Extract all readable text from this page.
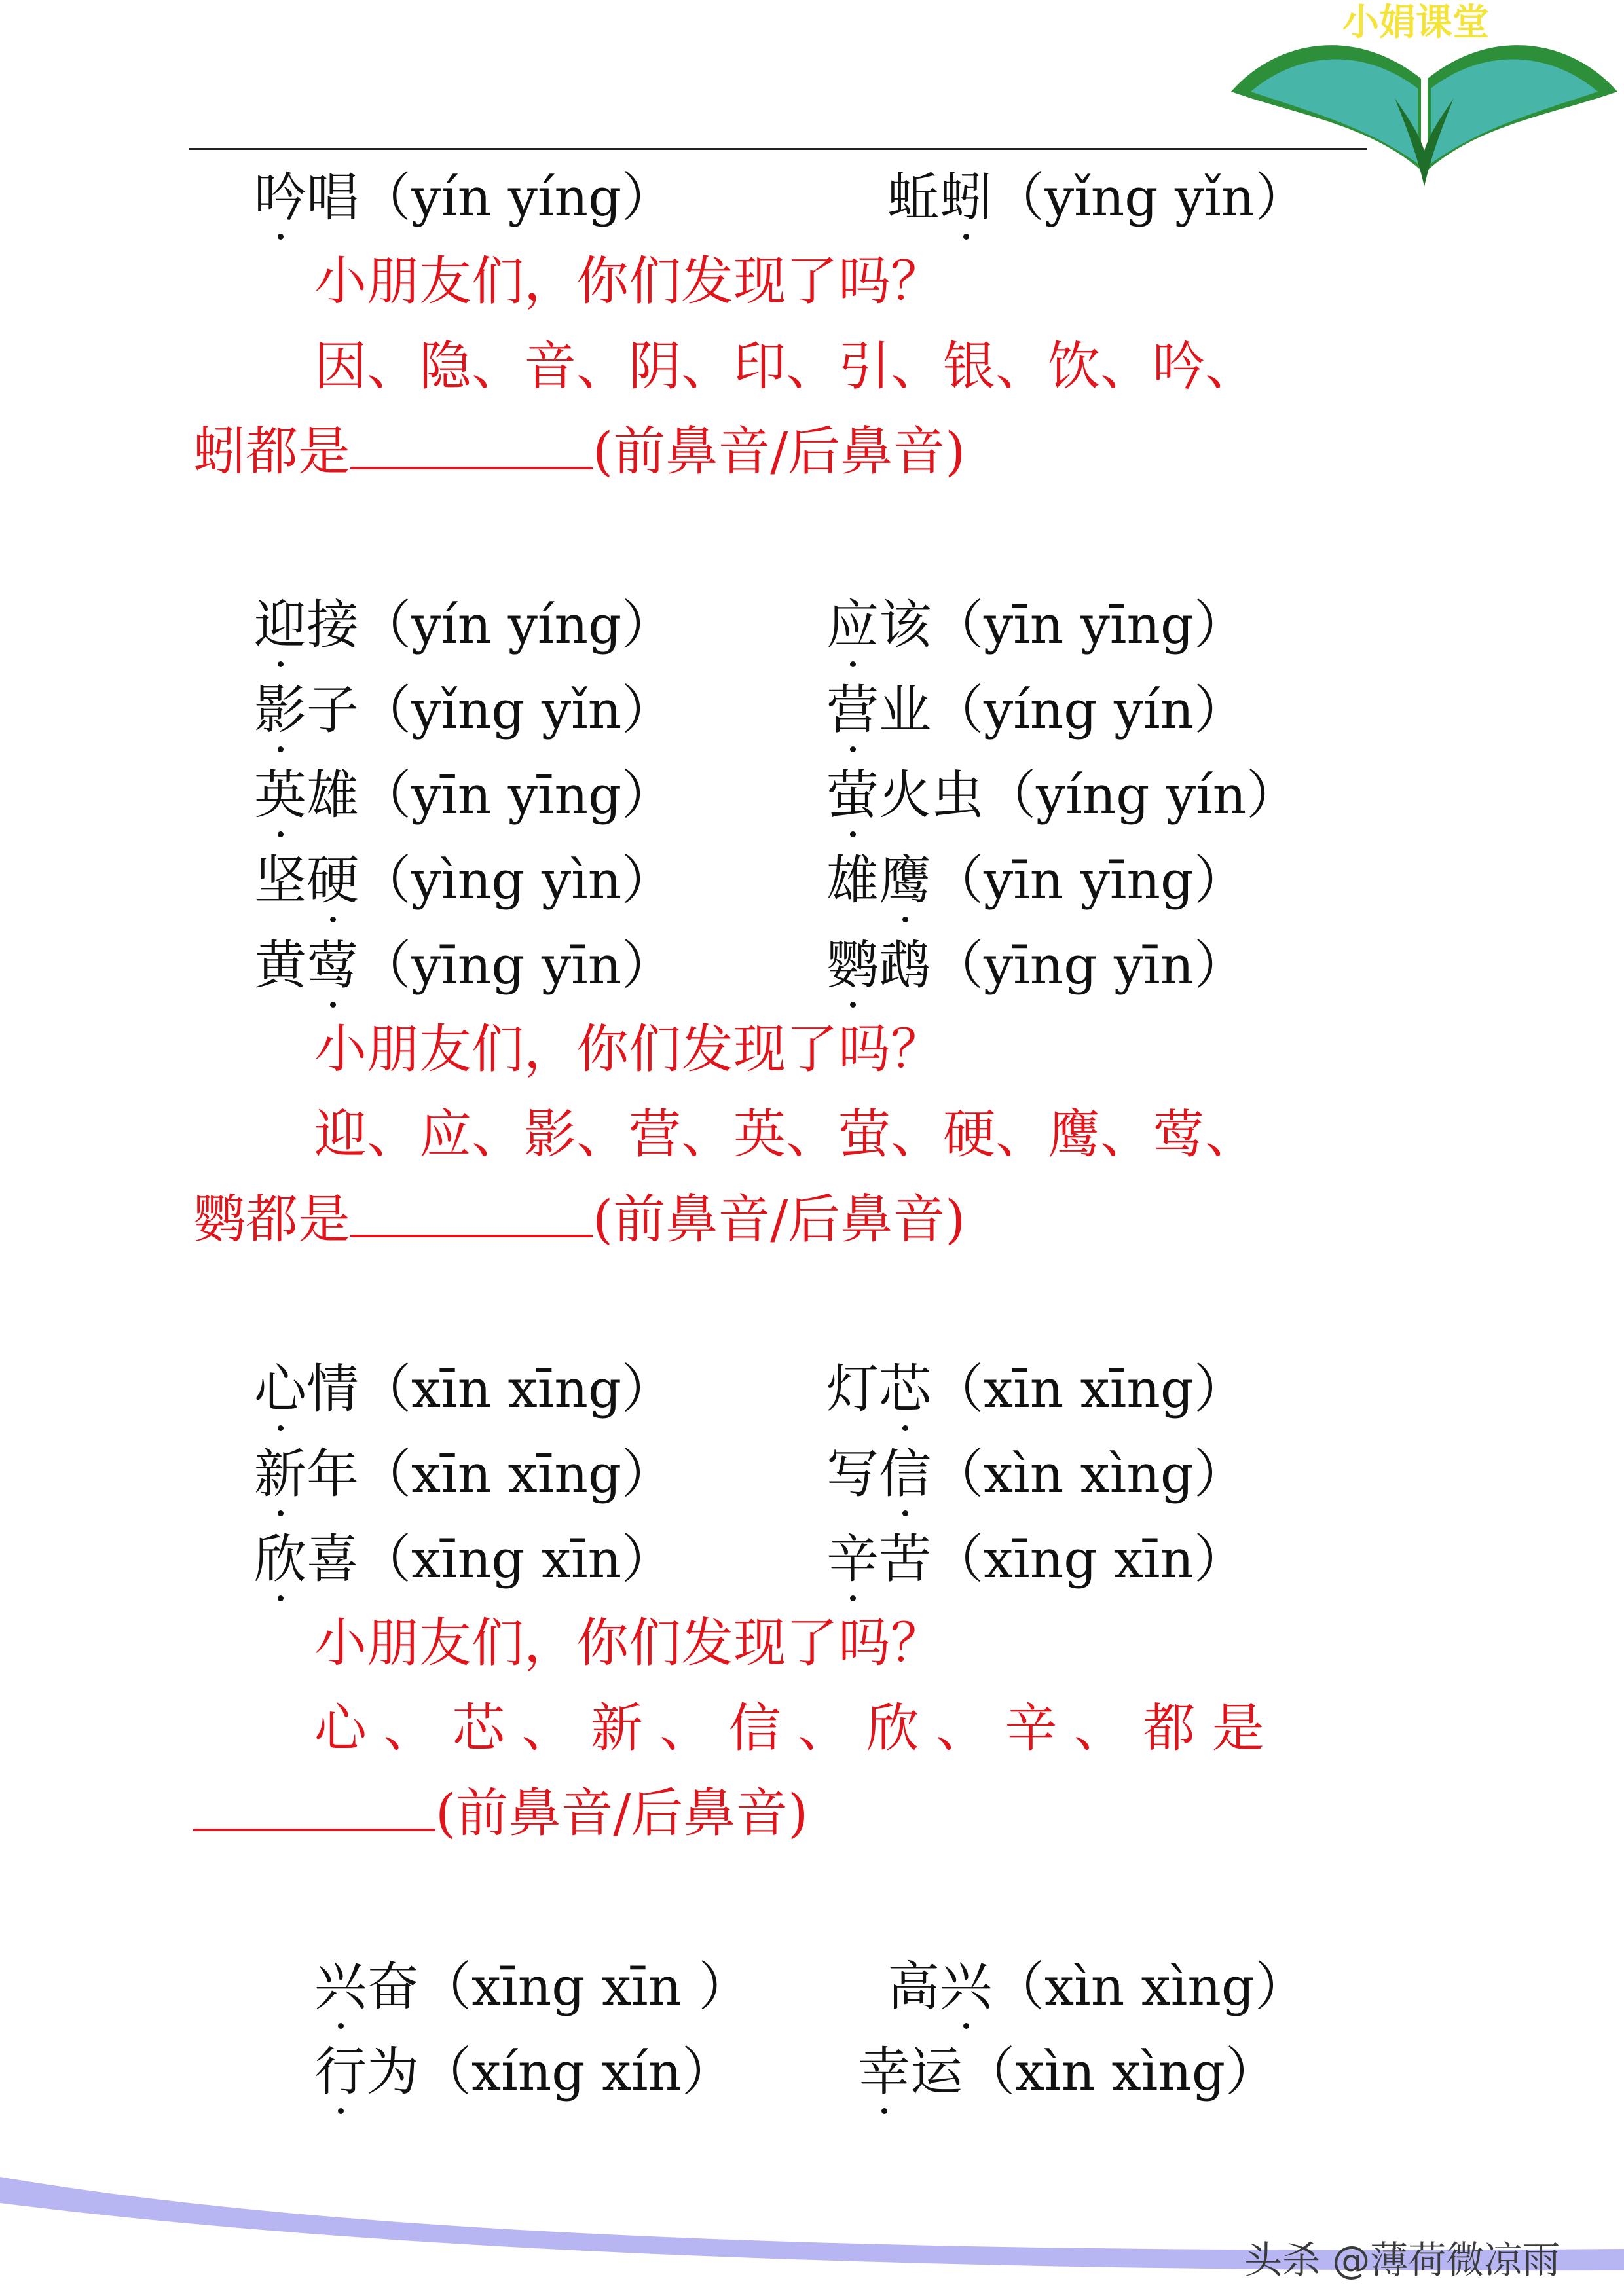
小娟课堂
吟唱（yín yíng）	蚯蚓（yǐng yǐn）
小朋友们，你们发现了吗？
因、隐、音、阴、印、引、银、饮、吟、
蚓都是	(前鼻音/后鼻音)
迎接（yín yíng）	应该（yīn yīng）
影子（yǐng yǐn）	营业（yíng yín）
英雄（yīn yīng）	萤火虫（yíng yín）
坚硬（yìng yìn）	雄鹰（yīn yīng）
黄莺（yīng yīn）	鹦鹉（yīng yīn）
小朋友们，你们发现了吗？
迎、应、影、营、英、萤、硬、鹰、莺、
鹦都是	(前鼻音/后鼻音)
心情（xīn xīng）	灯芯（xīn xīng）
新年（xīn xīng）	写信（xìn xìng）
欣喜（xīng xīn）	辛苦（xīng xīn）
小朋友们，你们发现了吗？
心 、 芯 、 新 、 信 、 欣 、 辛 、 都 是
(前鼻音/后鼻音)
兴奋（xīng xīn ）	高兴（xìn xìng）
行为（xíng xín） 幸运（xìn xìng）
头杀 @薄荷微凉雨
